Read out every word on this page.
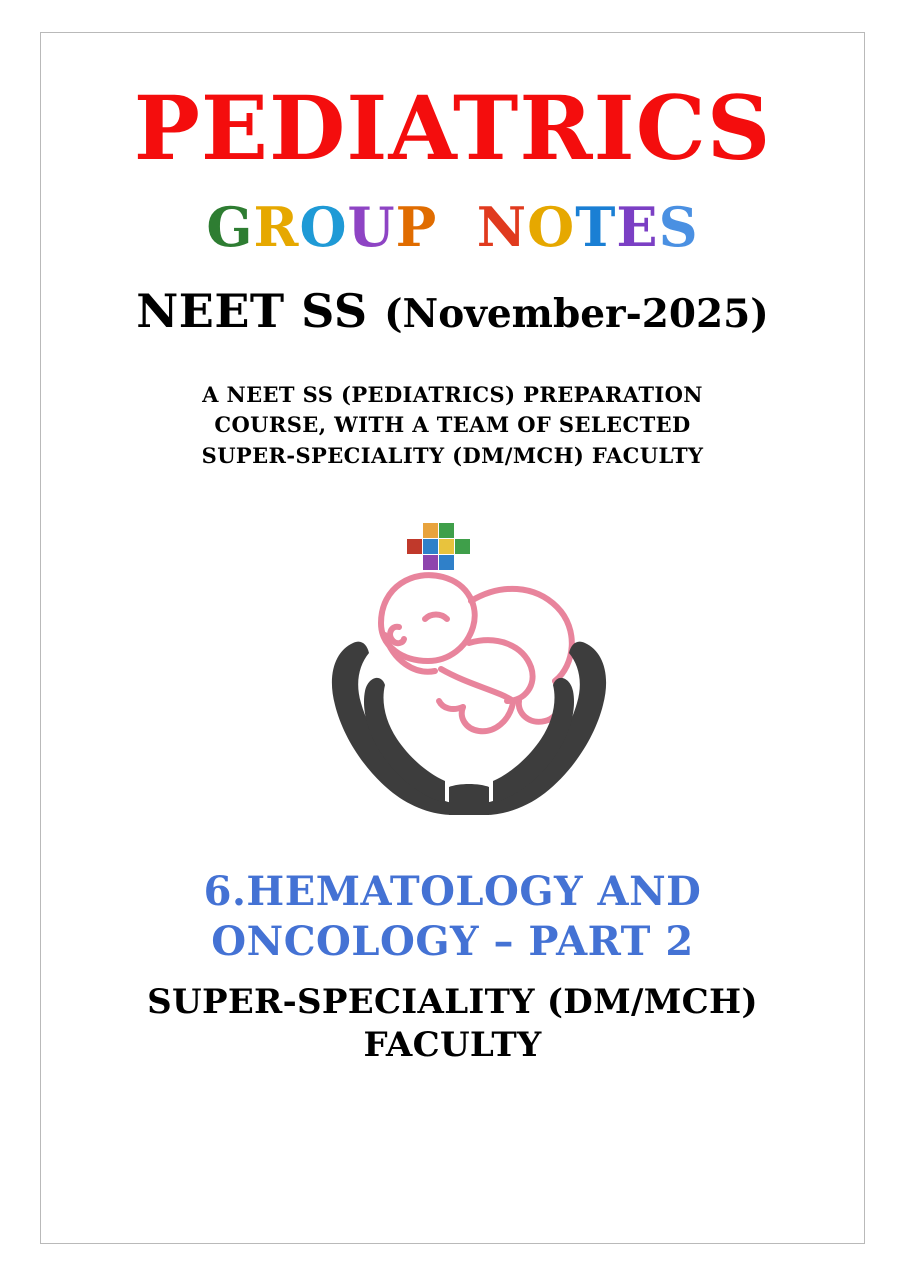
PEDIATRICS
GROUP NOTES
NEET SS (November-2025)
A NEET SS (PEDIATRICS) PREPARATION
COURSE, WITH A TEAM OF SELECTED
SUPER-SPECIALITY (DM/MCH) FACULTY
6.HEMATOLOGY AND
ONCOLOGY – PART 2
SUPER-SPECIALITY (DM/MCH)
FACULTY
